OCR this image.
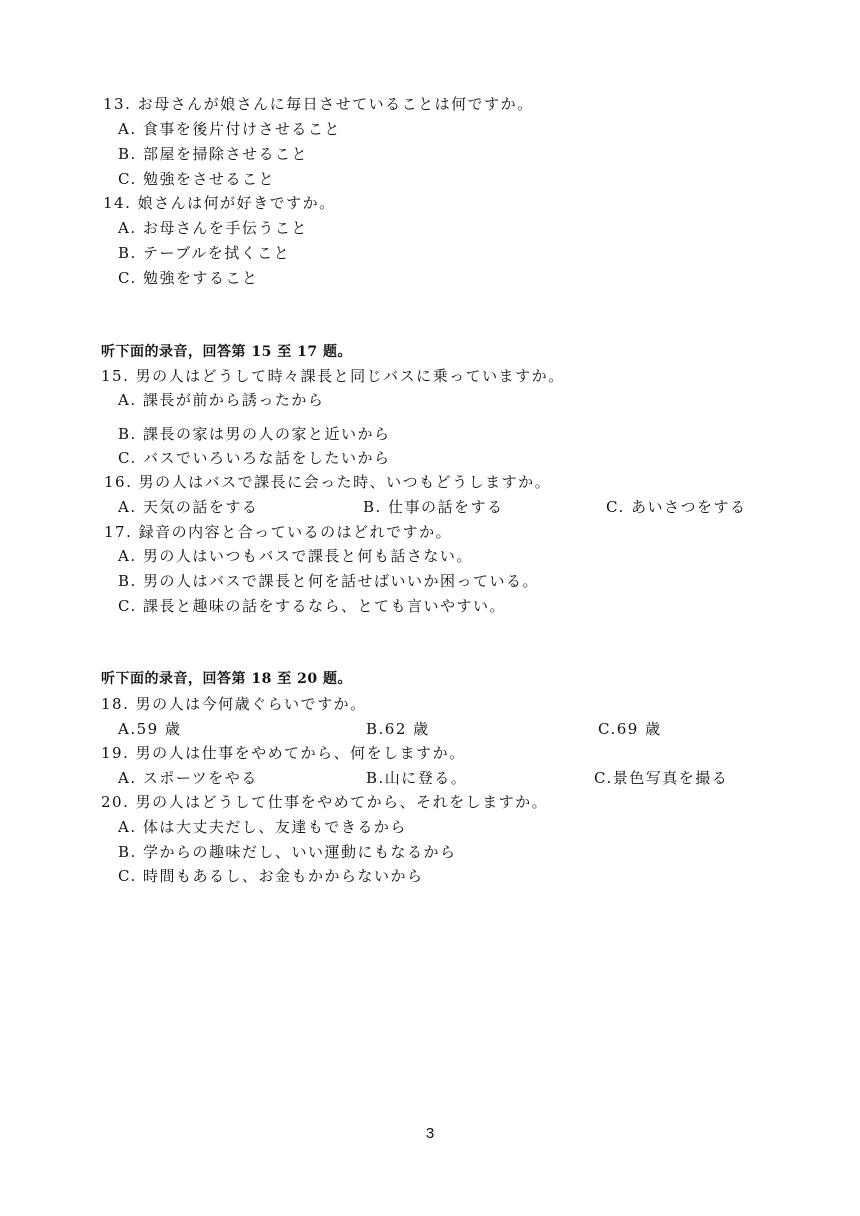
13. お母さんが娘さんに毎日させていることは何ですか。
A. 食事を後片付けさせること
B. 部屋を掃除させること
C. 勉強をさせること
14. 娘さんは何が好きですか。
A. お母さんを手伝うこと
B. テーブルを拭くこと
C. 勉強をすること
听下面的录音，回答第 15 至 17 题。
15. 男の人はどうして時々課長と同じバスに乗っていますか。
A. 課長が前から誘ったから
B. 課長の家は男の人の家と近いから
C. バスでいろいろな話をしたいから
16. 男の人はバスで課長に会った時、いつもどうしますか。
A. 天気の話をする	B. 仕事の話をする	C. あいさつをする
17. 録音の内容と合っているのはどれですか。
A. 男の人はいつもバスで課長と何も話さない。
B. 男の人はバスで課長と何を話せばいいか困っている。
C. 課長と趣味の話をするなら、とても言いやすい。
听下面的录音，回答第 18 至 20 题。
18. 男の人は今何歳ぐらいですか。
A.59 歳	B.62 歳	C.69 歳
19. 男の人は仕事をやめてから、何をしますか。
A. スポーツをやる	B.山に登る。	C.景色写真を撮る
20. 男の人はどうして仕事をやめてから、それをしますか。
A. 体は大丈夫だし、友達もできるから
B. 学からの趣味だし、いい運動にもなるから
C. 時間もあるし、お金もかからないから
3
